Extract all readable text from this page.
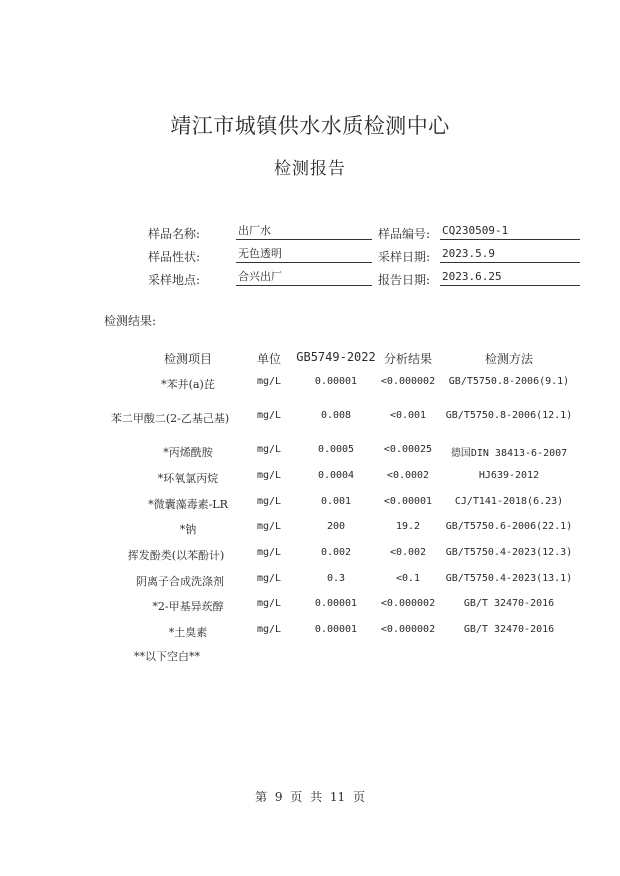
靖江市城镇供水水质检测中心
检测报告
样品名称:	出厂水	样品编号: CQ230509-1
样品性状:	无色透明	采样日期: 2023.5.9
采样地点:	合兴出厂	报告日期: 2023.6.25
检测结果:
检测项目	单位 GB5749-2022 分析结果	检测方法
*苯并(a)芘	mg/L	0.00001 <0.000002 GB/T5750.8-2006(9.1)
苯二甲酸二(2-乙基己基)	mg/L	0.008	<0.001 GB/T5750.8-2006(12.1)
*丙烯酰胺	mg/L	0.0005	<0.00025 德国DIN 38413-6-2007
*环氧氯丙烷	mg/L	0.0004	<0.0002	HJ639-2012
*微囊藻毒素-LR	mg/L	0.001	<0.00001 CJ/T141-2018(6.23)
*钠	mg/L	200	19.2	GB/T5750.6-2006(22.1)
挥发酚类(以苯酚计)	mg/L	0.002	<0.002 GB/T5750.4-2023(12.3)
阴离子合成洗涤剂	mg/L	0.3	<0.1	GB/T5750.4-2023(13.1)
*2-甲基异莰醇	mg/L	0.00001 <0.000002	GB/T 32470-2016
*土臭素	mg/L	0.00001 <0.000002	GB/T 32470-2016
**以下空白**
第 9 页 共 11 页
